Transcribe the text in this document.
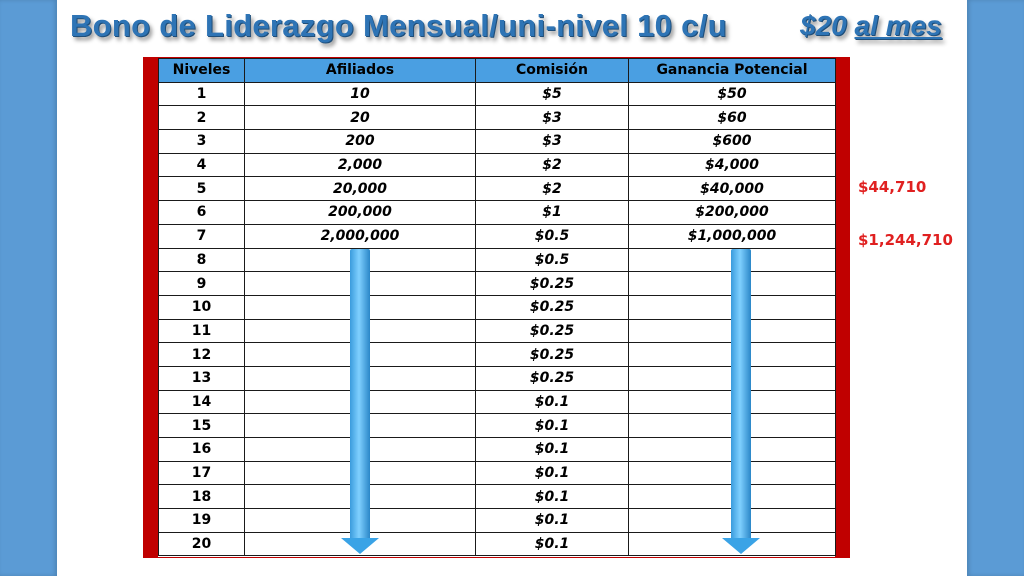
Bono de Liderazgo Mensual/uni-nivel 10 c/u	$20 al mes
Niveles	Afiliados	Comisión	Ganancia Potencial
1	10	$5	$50
2	20	$3	$60
3	200	$3	$600
4	2,000	$2	$4,000
5	20,000	$2	$40,000
6	200,000	$1	$200,000
7	2,000,000	$0.5	$1,000,000
8		$0.5	
9		$0.25	
10		$0.25	
11		$0.25	
12		$0.25	
13		$0.25	
14		$0.1	
15		$0.1	
16		$0.1	
17		$0.1	
18		$0.1	
19		$0.1	
20		$0.1	
$44,710
$1,244,710
